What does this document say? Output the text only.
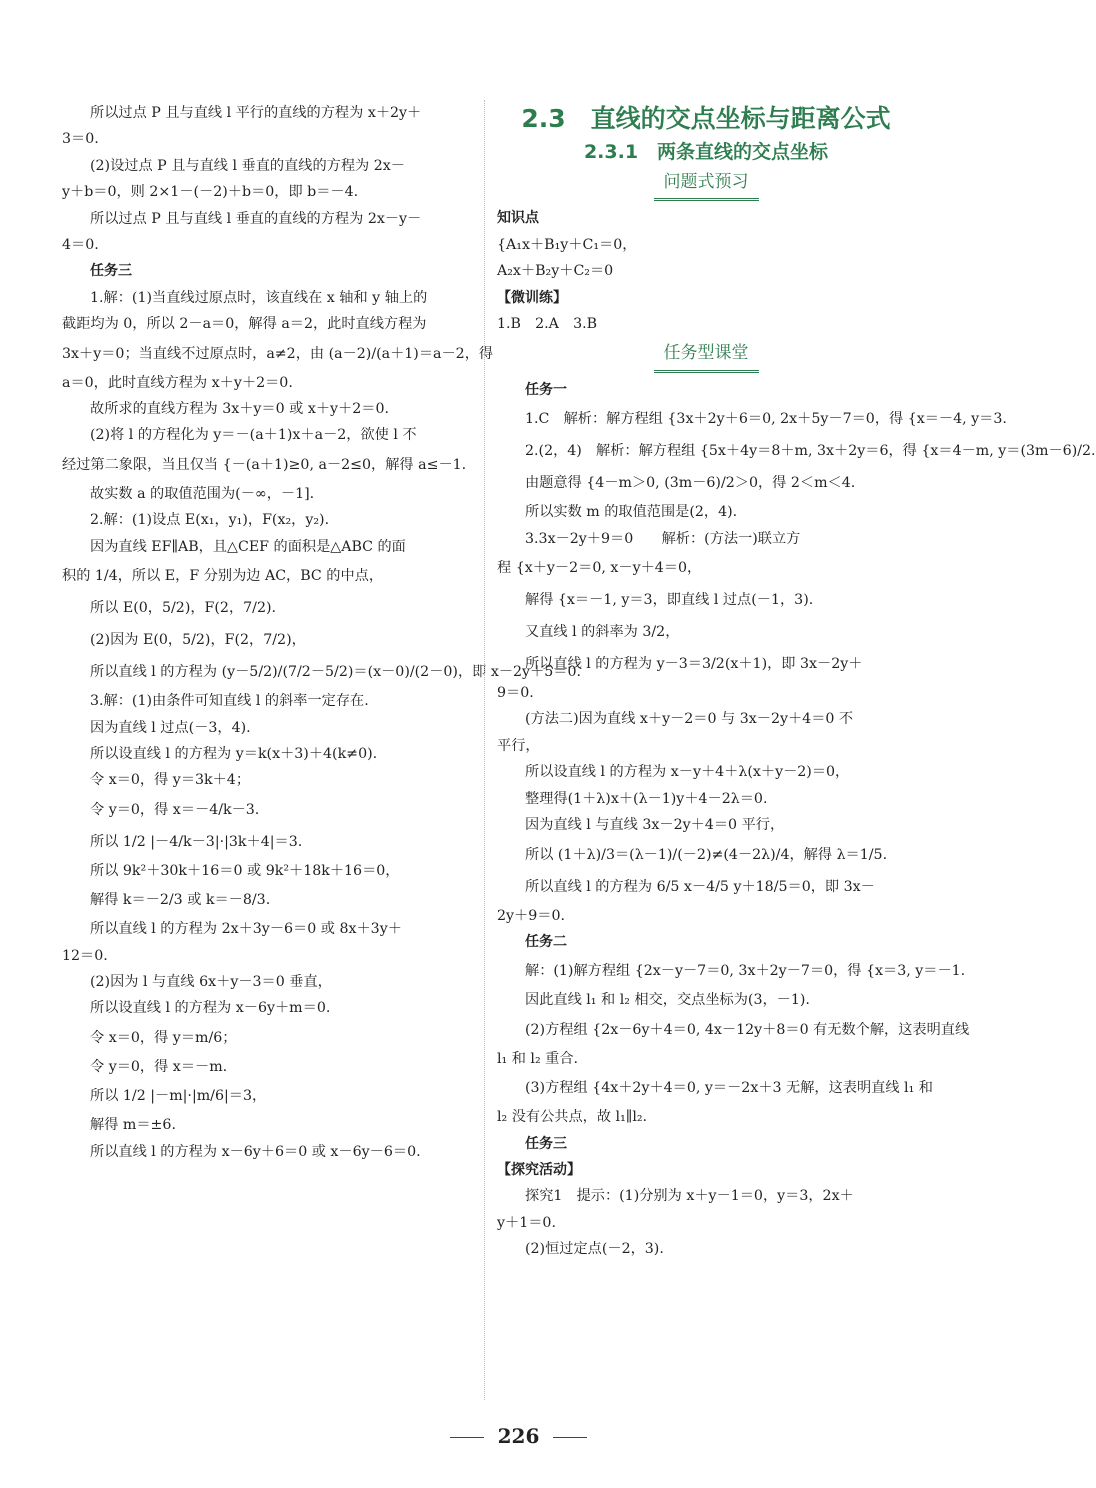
所以过点 P 且与直线 l 平行的直线的方程为 x＋2y＋
3＝0.
(2)设过点 P 且与直线 l 垂直的直线的方程为 2x－
y＋b＝0，则 2×1－(－2)＋b＝0，即 b＝－4.
所以过点 P 且与直线 l 垂直的直线的方程为 2x－y－
4＝0.
任务三
1.解：(1)当直线过原点时，该直线在 x 轴和 y 轴上的
截距均为 0，所以 2－a＝0，解得 a＝2，此时直线方程为
3x＋y＝0；当直线不过原点时，a≠2，由 (a－2)/(a＋1)＝a－2，得
a＝0，此时直线方程为 x＋y＋2＝0.
故所求的直线方程为 3x＋y＝0 或 x＋y＋2＝0.
(2)将 l 的方程化为 y＝－(a＋1)x＋a－2，欲使 l 不
经过第二象限，当且仅当 {－(a＋1)≥0, a－2≤0，解得 a≤－1.
故实数 a 的取值范围为(－∞，－1].
2.解：(1)设点 E(x₁，y₁)，F(x₂，y₂).
因为直线 EF∥AB，且△CEF 的面积是△ABC 的面
积的 1/4，所以 E，F 分别为边 AC，BC 的中点，
所以 E(0，5/2)，F(2，7/2).
(2)因为 E(0，5/2)，F(2，7/2)，
所以直线 l 的方程为 (y－5/2)/(7/2－5/2)＝(x－0)/(2－0)，即 x－2y＋5＝0.
3.解：(1)由条件可知直线 l 的斜率一定存在.
因为直线 l 过点(－3，4).
所以设直线 l 的方程为 y＝k(x＋3)＋4(k≠0).
令 x＝0，得 y＝3k＋4；
令 y＝0，得 x＝－4/k－3.
所以 1/2 |－4/k－3|·|3k＋4|＝3.
所以 9k²＋30k＋16＝0 或 9k²＋18k＋16＝0，
解得 k＝－2/3 或 k＝－8/3.
所以直线 l 的方程为 2x＋3y－6＝0 或 8x＋3y＋
12＝0.
(2)因为 l 与直线 6x＋y－3＝0 垂直，
所以设直线 l 的方程为 x－6y＋m＝0.
令 x＝0，得 y＝m/6；
令 y＝0，得 x＝－m.
所以 1/2 |－m|·|m/6|＝3，
解得 m＝±6.
所以直线 l 的方程为 x－6y＋6＝0 或 x－6y－6＝0.
2.3　直线的交点坐标与距离公式
2.3.1　两条直线的交点坐标
问题式预习
知识点
{A₁x＋B₁y＋C₁＝0，
A₂x＋B₂y＋C₂＝0
【微训练】
1.B　2.A　3.B
任务型课堂
任务一
1.C　解析：解方程组 {3x＋2y＋6＝0, 2x＋5y－7＝0，得 {x＝－4, y＝3.
2.(2，4)　解析：解方程组 {5x＋4y＝8＋m, 3x＋2y＝6，得 {x＝4－m, y＝(3m－6)/2.
由题意得 {4－m＞0, (3m－6)/2＞0，得 2＜m＜4.
所以实数 m 的取值范围是(2，4).
3.3x－2y＋9＝0　　解析：(方法一)联立方
程 {x＋y－2＝0, x－y＋4＝0，
解得 {x＝－1, y＝3，即直线 l 过点(－1，3).
又直线 l 的斜率为 3/2，
所以直线 l 的方程为 y－3＝3/2(x＋1)，即 3x－2y＋
9＝0.
(方法二)因为直线 x＋y－2＝0 与 3x－2y＋4＝0 不
平行，
所以设直线 l 的方程为 x－y＋4＋λ(x＋y－2)＝0，
整理得(1＋λ)x＋(λ－1)y＋4－2λ＝0.
因为直线 l 与直线 3x－2y＋4＝0 平行，
所以 (1＋λ)/3＝(λ－1)/(－2)≠(4－2λ)/4，解得 λ＝1/5.
所以直线 l 的方程为 6/5 x－4/5 y＋18/5＝0，即 3x－
2y＋9＝0.
任务二
解：(1)解方程组 {2x－y－7＝0, 3x＋2y－7＝0，得 {x＝3, y＝－1.
因此直线 l₁ 和 l₂ 相交，交点坐标为(3，－1).
(2)方程组 {2x－6y＋4＝0, 4x－12y＋8＝0 有无数个解，这表明直线
l₁ 和 l₂ 重合.
(3)方程组 {4x＋2y＋4＝0, y＝－2x＋3 无解，这表明直线 l₁ 和
l₂ 没有公共点，故 l₁∥l₂.
任务三
【探究活动】
探究1　提示：(1)分别为 x＋y－1＝0，y＝3，2x＋
y＋1＝0.
(2)恒过定点(－2，3).
226
